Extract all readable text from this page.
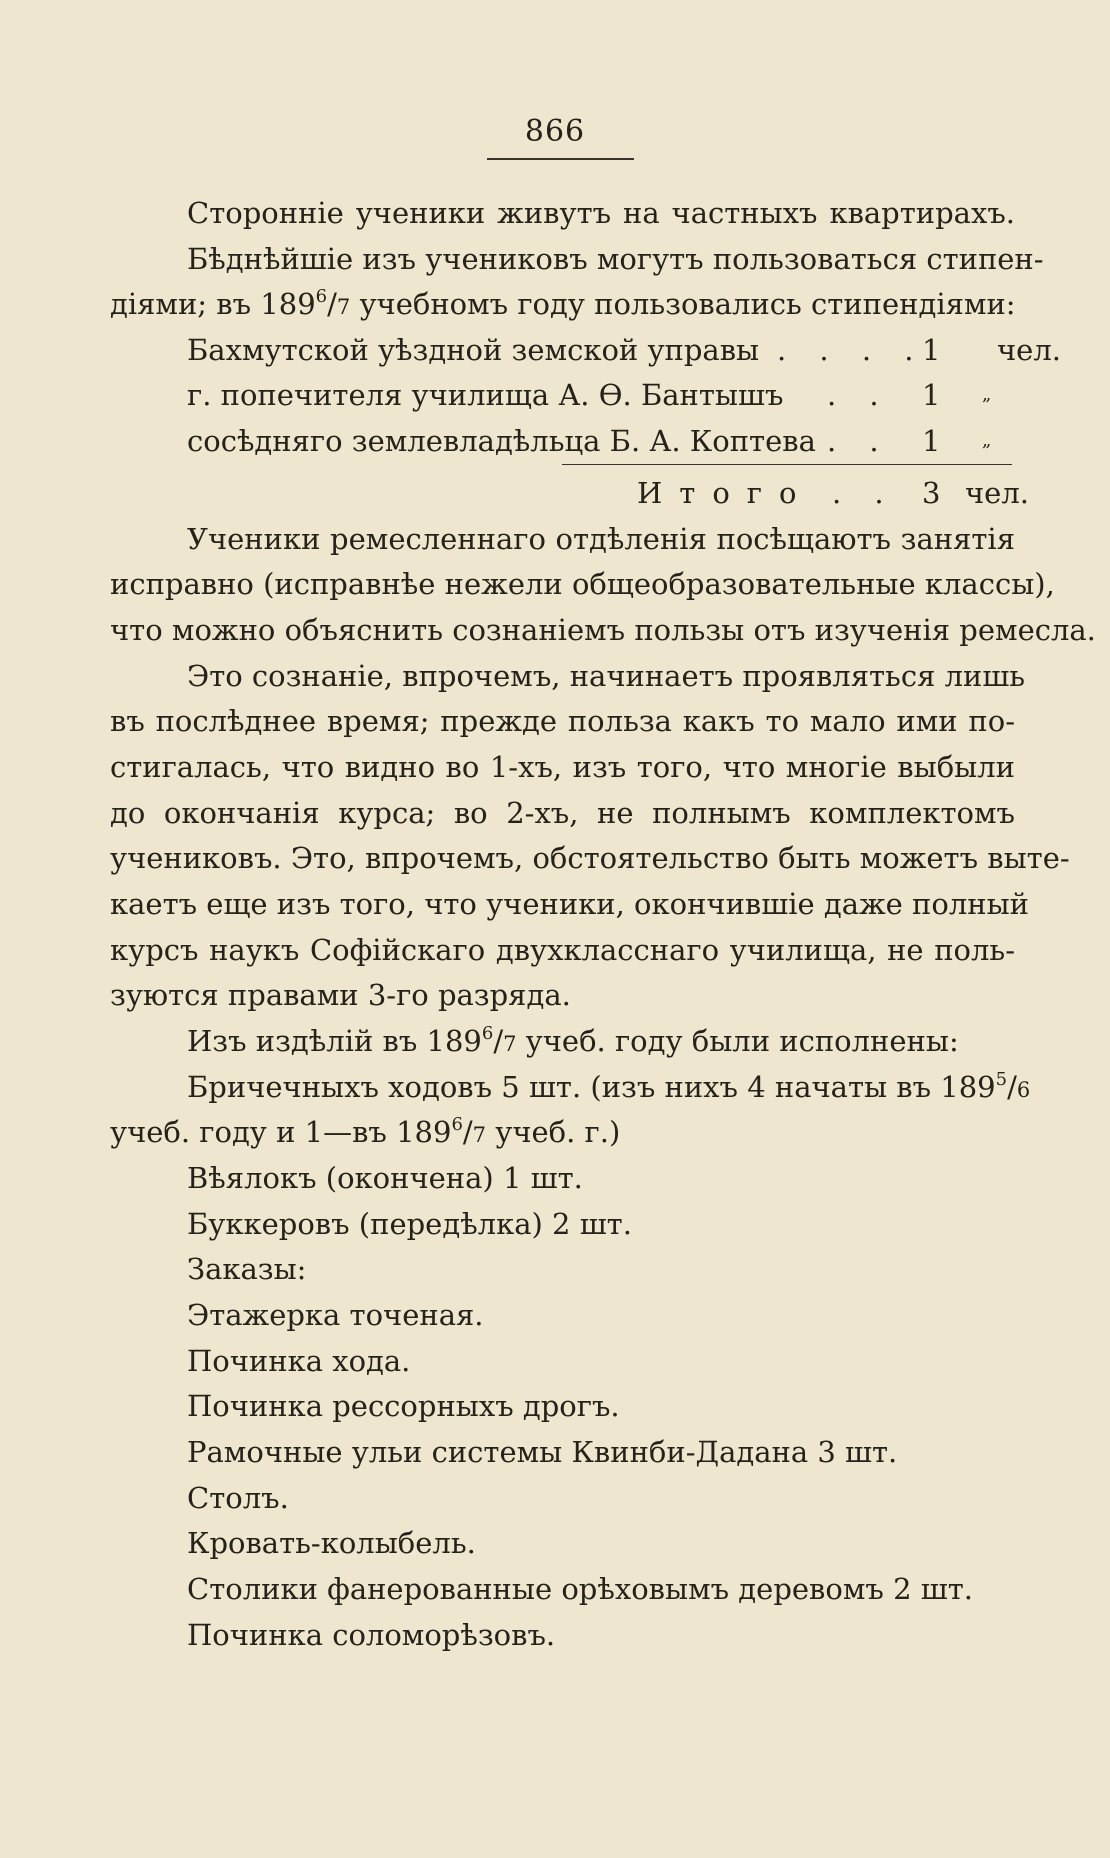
866
Сторонніе ученики живутъ на частныхъ квартирахъ.
Бѣднѣйшіе изъ учениковъ могутъ пользоваться стипен-
діями; въ $189^6/7$ учебномъ году пользовались стипендіями:
Бахмутской уѣздной земской управы . . . .
1 чел.
г. попечителя училища А. Ѳ. Бантышъ . . 1 „
сосѣдняго землевладѣльца Б. А. Коптева . . 1 „
Итого . . 3 чел.
Ученики ремесленнаго отдѣленія посѣщаютъ занятія
исправно (исправнѣе нежели общеобразовательные классы),
что можно объяснить сознаніемъ пользы отъ изученія ремесла.
Это сознаніе, впрочемъ, начинаетъ проявляться лишь
въ послѣднее время; прежде польза какъ то мало ими по-
стигалась, что видно во 1-хъ, изъ того, что многіе выбыли
до окончанія курса; во 2-хъ, не полнымъ комплектомъ
учениковъ. Это, впрочемъ, обстоятельство быть можетъ выте-
каетъ еще изъ того, что ученики, окончившіе даже полный
курсъ наукъ Софійскаго двухкласснаго училища, не поль-
зуются правами 3-го разряда.
Изъ издѣлій въ $189^6/7$ учеб. году были исполнены:
Бричечныхъ ходовъ 5 шт. (изъ нихъ 4 начаты въ $189^5/6$
учеб. году и 1—въ $189^6/7$ учеб. г.)
Вѣялокъ (окончена) 1 шт.
Буккеровъ (передѣлка) 2 шт.
Заказы:
Этажерка точеная.
Починка хода.
Починка рессорныхъ дрогъ.
Рамочные ульи системы Квинби-Дадана 3 шт.
Столъ.
Кровать-колыбель.
Столики фанерованные орѣховымъ деревомъ 2 шт.
Починка соломорѣзовъ.
